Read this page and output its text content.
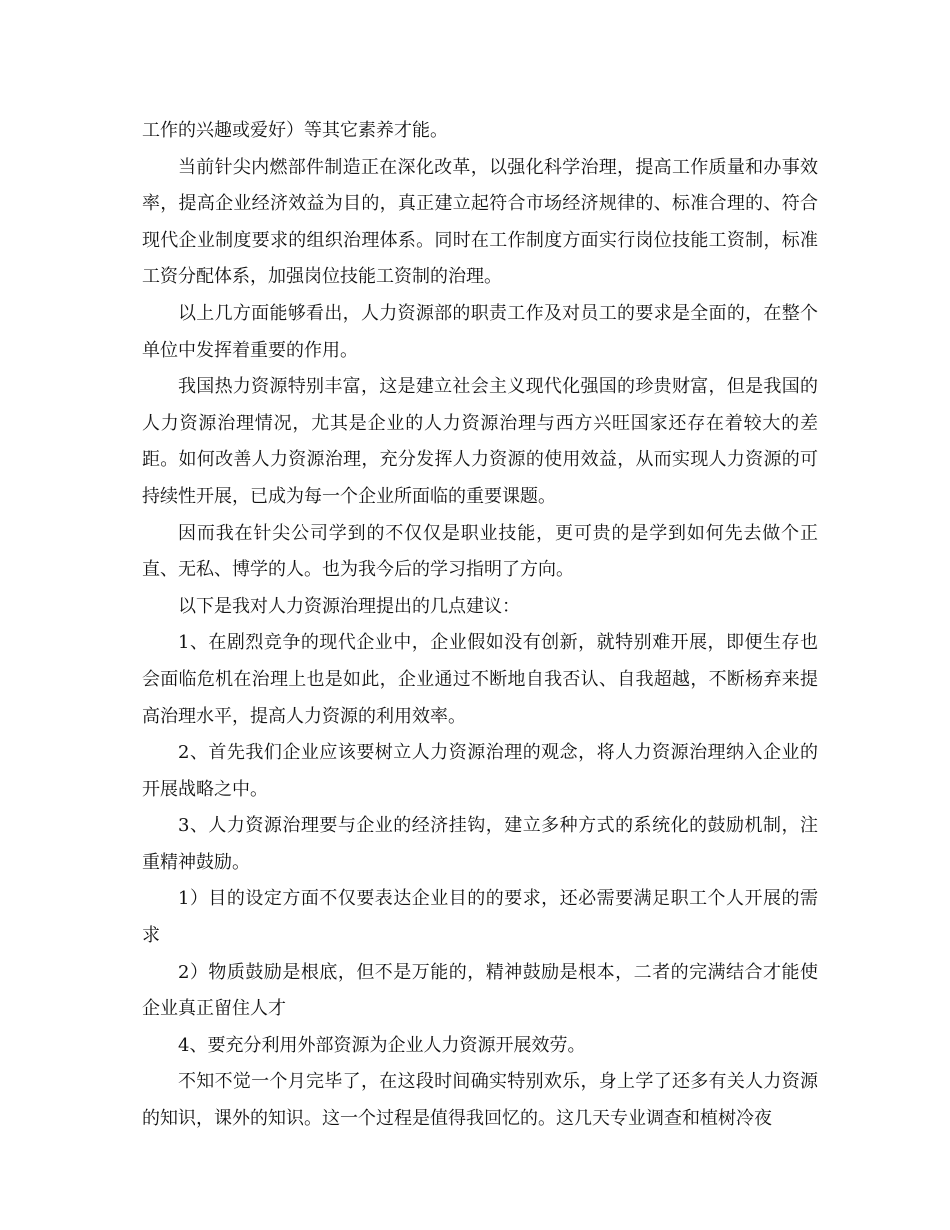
工作的兴趣或爱好）等其它素养才能。

当前针尖内燃部件制造正在深化改革，以强化科学治理，提高工作质量和办事效率，提高企业经济效益为目的，真正建立起符合市场经济规律的、标准合理的、符合现代企业制度要求的组织治理体系。同时在工作制度方面实行岗位技能工资制，标准工资分配体系，加强岗位技能工资制的治理。

以上几方面能够看出，人力资源部的职责工作及对员工的要求是全面的，在整个单位中发挥着重要的作用。

我国热力资源特别丰富，这是建立社会主义现代化强国的珍贵财富，但是我国的人力资源治理情况，尤其是企业的人力资源治理与西方兴旺国家还存在着较大的差距。如何改善人力资源治理，充分发挥人力资源的使用效益，从而实现人力资源的可持续性开展，已成为每一个企业所面临的重要课题。

因而我在针尖公司学到的不仅仅是职业技能，更可贵的是学到如何先去做个正直、无私、博学的人。也为我今后的学习指明了方向。

以下是我对人力资源治理提出的几点建议：

1、在剧烈竞争的现代企业中，企业假如没有创新，就特别难开展，即便生存也会面临危机在治理上也是如此，企业通过不断地自我否认、自我超越，不断杨弃来提高治理水平，提高人力资源的利用效率。

2、首先我们企业应该要树立人力资源治理的观念，将人力资源治理纳入企业的开展战略之中。

3、人力资源治理要与企业的经济挂钩，建立多种方式的系统化的鼓励机制，注重精神鼓励。

1）目的设定方面不仅要表达企业目的的要求，还必需要满足职工个人开展的需求

2）物质鼓励是根底，但不是万能的，精神鼓励是根本，二者的完满结合才能使企业真正留住人才

4、要充分利用外部资源为企业人力资源开展效劳。

不知不觉一个月完毕了，在这段时间确实特别欢乐，身上学了还多有关人力资源的知识，课外的知识。这一个过程是值得我回忆的。这几天专业调查和植树冷夜
